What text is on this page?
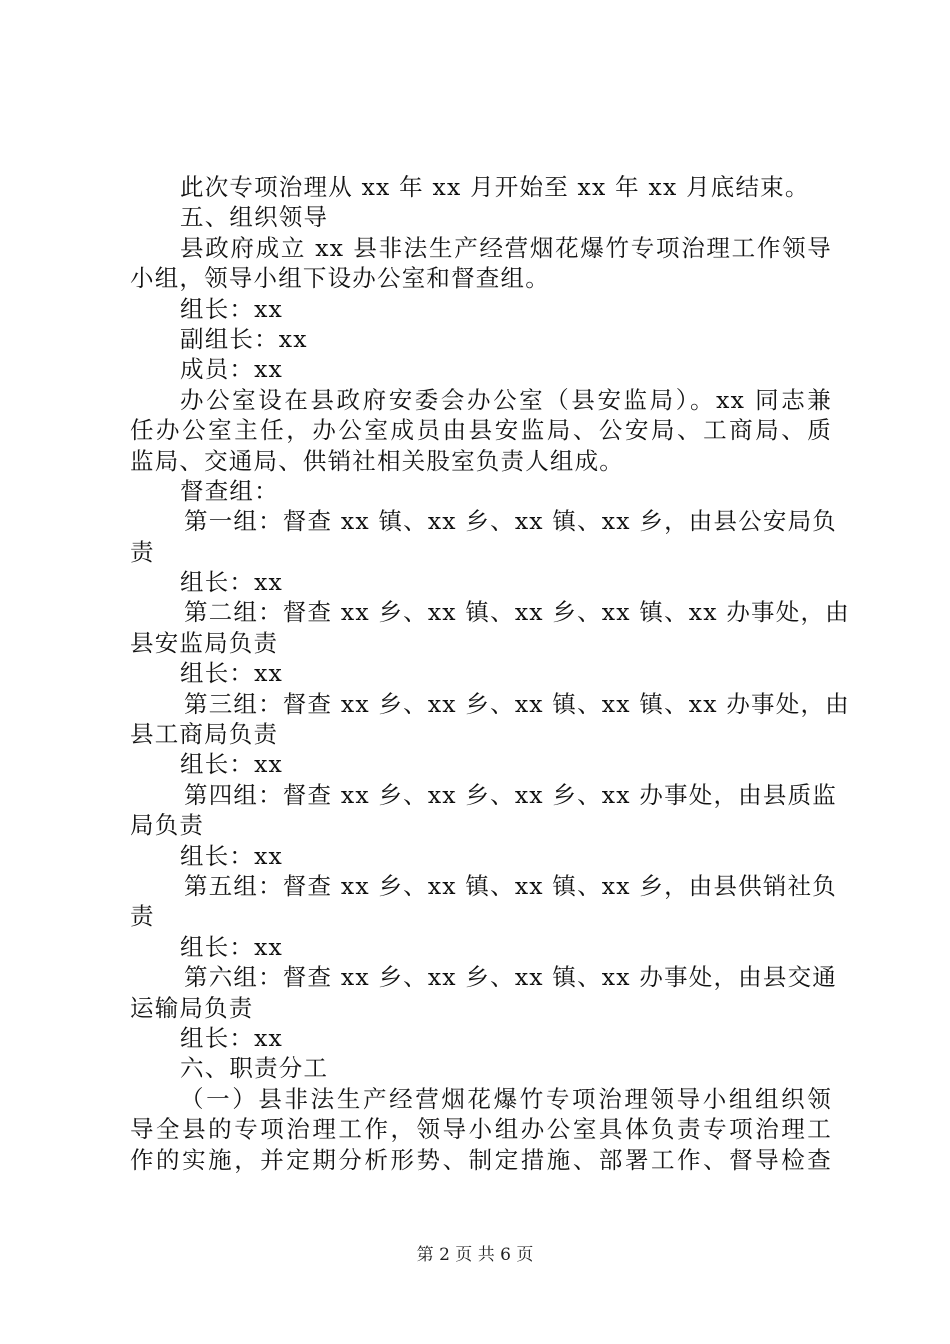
此次专项治理从 xx 年 xx 月开始至 xx 年 xx 月底结束。
五、组织领导
县政府成立 xx 县非法生产经营烟花爆竹专项治理工作领导
小组，领导小组下设办公室和督查组。
组长：xx
副组长：xx
成员：xx
办公室设在县政府安委会办公室（县安监局）。xx 同志兼
任办公室主任，办公室成员由县安监局、公安局、工商局、质
监局、交通局、供销社相关股室负责人组成。
督查组：
第一组：督查 xx 镇、xx 乡、xx 镇、xx 乡，由县公安局负
责
组长：xx
第二组：督查 xx 乡、xx 镇、xx 乡、xx 镇、xx 办事处，由
县安监局负责
组长：xx
第三组：督查 xx 乡、xx 乡、xx 镇、xx 镇、xx 办事处，由
县工商局负责
组长：xx
第四组：督查 xx 乡、xx 乡、xx 乡、xx 办事处，由县质监
局负责
组长：xx
第五组：督查 xx 乡、xx 镇、xx 镇、xx 乡，由县供销社负
责
组长：xx
第六组：督查 xx 乡、xx 乡、xx 镇、xx 办事处，由县交通
运输局负责
组长：xx
六、职责分工
（一）县非法生产经营烟花爆竹专项治理领导小组组织领
导全县的专项治理工作，领导小组办公室具体负责专项治理工
作的实施，并定期分析形势、制定措施、部署工作、督导检查
第 2 页 共 6 页
